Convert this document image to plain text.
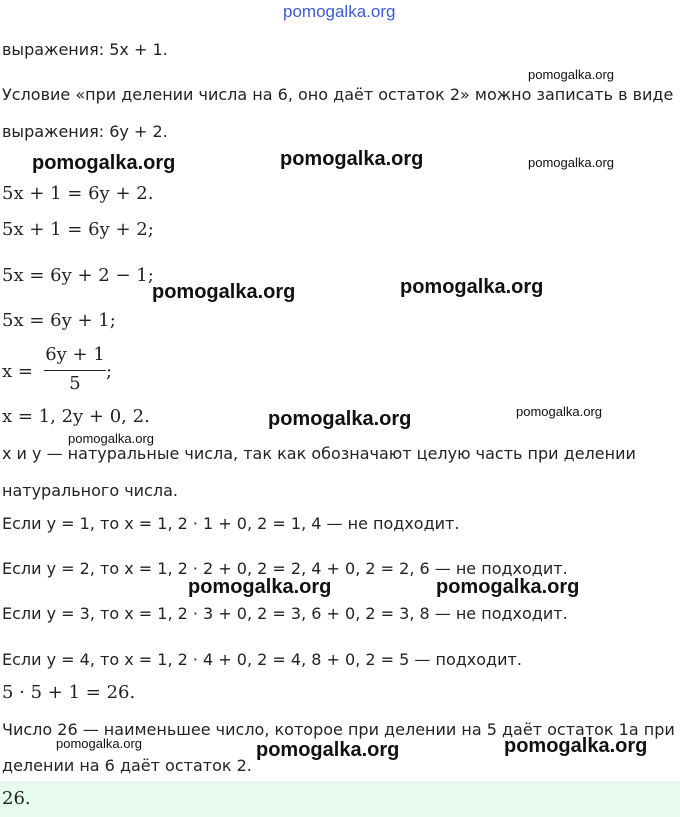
pomogalka.org
выражения: 5x + 1.
Условие «при делении числа на 6, оно даёт остаток 2» можно записать в виде
выражения: 6y + 2.
5x + 1 = 6y + 2.
5x + 1 = 6y + 2;
5x = 6y + 2 − 1;
5x = 6y + 1;
x =
6y + 1
5
;
x = 1, 2y + 0, 2.
x и y — натуральные числа, так как обозначают целую часть при делении
натурального числа.
Если y = 1, то x = 1, 2 · 1 + 0, 2 = 1, 4 — не подходит.
Если y = 2, то x = 1, 2 · 2 + 0, 2 = 2, 4 + 0, 2 = 2, 6 — не подходит.
Если y = 3, то x = 1, 2 · 3 + 0, 2 = 3, 6 + 0, 2 = 3, 8 — не подходит.
Если y = 4, то x = 1, 2 · 4 + 0, 2 = 4, 8 + 0, 2 = 5 — подходит.
5 · 5 + 1 = 26.
Число 26 — наименьшее число, которое при делении на 5 даёт остаток 1а при
делении на 6 даёт остаток 2.
26.
pomogalka.org
pomogalka.org	pomogalka.org	pomogalka.org
pomogalka.org	pomogalka.org
pomogalka.org	pomogalka.org
pomogalka.org
pomogalka.org	pomogalka.org
pomogalka.org	pomogalka.org	pomogalka.org
